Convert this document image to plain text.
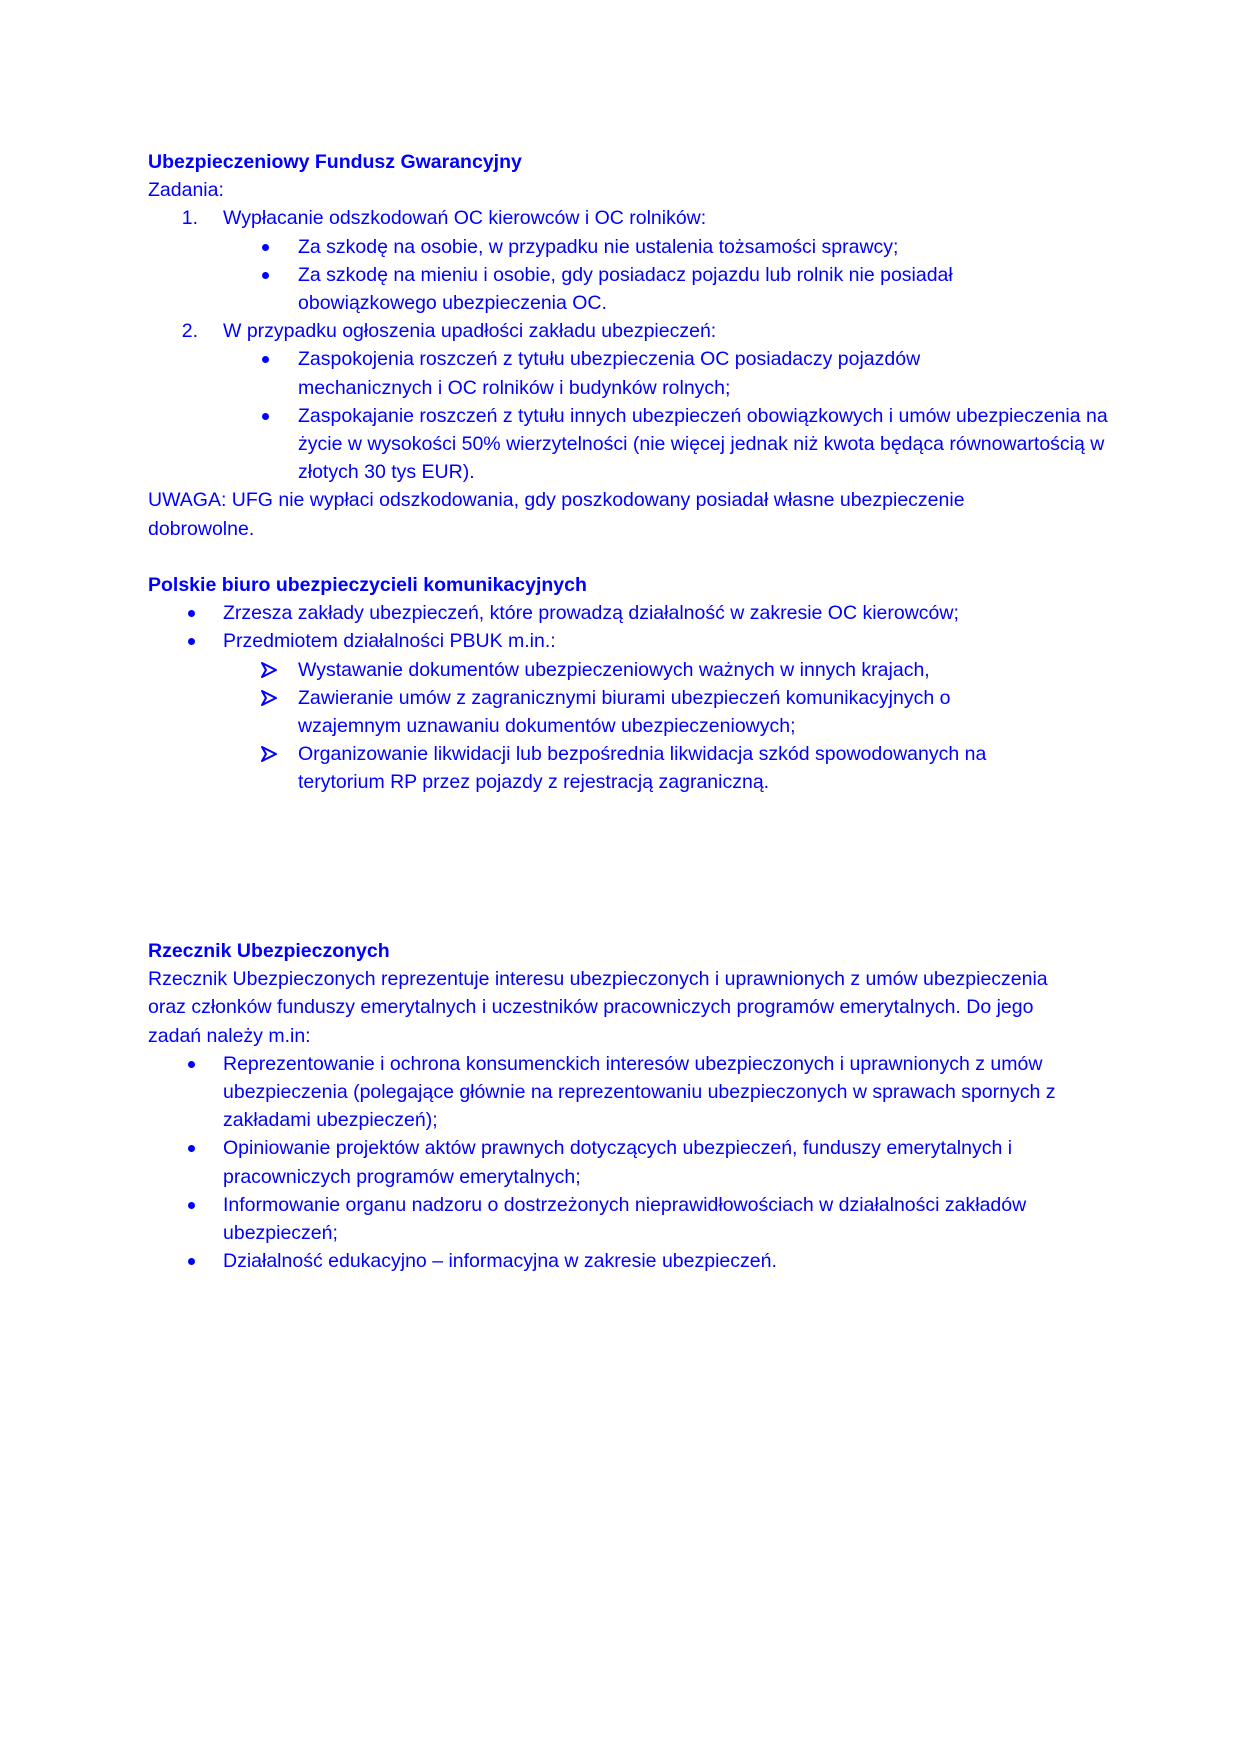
Ubezpieczeniowy Fundusz Gwarancyjny
Zadania:
1. Wypłacanie odszkodowań OC kierowców i OC rolników:
Za szkodę na osobie, w przypadku nie ustalenia tożsamości sprawcy;
Za szkodę na mieniu i osobie, gdy posiadacz pojazdu lub rolnik nie posiadał obowiązkowego ubezpieczenia OC.
2. W przypadku ogłoszenia upadłości zakładu ubezpieczeń:
Zaspokojenia roszczeń z tytułu ubezpieczenia OC posiadaczy pojazdów mechanicznych i OC rolników i budynków rolnych;
Zaspokajanie roszczeń z tytułu innych ubezpieczeń obowiązkowych i umów ubezpieczenia na życie w wysokości 50% wierzytelności (nie więcej jednak niż kwota będąca równowartością w złotych 30 tys EUR).
UWAGA: UFG nie wypłaci odszkodowania, gdy poszkodowany posiadał własne ubezpieczenie dobrowolne.
Polskie biuro ubezpieczycieli komunikacyjnych
Zrzesza zakłady ubezpieczeń, które prowadzą działalność w zakresie OC kierowców;
Przedmiotem działalności PBUK m.in.:
Wystawanie dokumentów ubezpieczeniowych ważnych w innych krajach,
Zawieranie umów z zagranicznymi biurami ubezpieczeń komunikacyjnych o wzajemnym uznawaniu dokumentów ubezpieczeniowych;
Organizowanie likwidacji lub bezpośrednia likwidacja szkód spowodowanych na terytorium RP przez pojazdy z rejestracją zagraniczną.
Rzecznik Ubezpieczonych
Rzecznik Ubezpieczonych reprezentuje interesu ubezpieczonych i uprawnionych z umów ubezpieczenia oraz członków funduszy emerytalnych i uczestników pracowniczych programów emerytalnych. Do jego zadań należy m.in:
Reprezentowanie i ochrona konsumenckich interesów ubezpieczonych i uprawnionych z umów ubezpieczenia (polegające głównie na reprezentowaniu ubezpieczonych w sprawach spornych z zakładami ubezpieczeń);
Opiniowanie projektów aktów prawnych dotyczących ubezpieczeń, funduszy emerytalnych i pracowniczych programów emerytalnych;
Informowanie organu nadzoru o dostrzeżonych nieprawidłowościach w działalności zakładów ubezpieczeń;
Działalność edukacyjno – informacyjna w zakresie ubezpieczeń.
